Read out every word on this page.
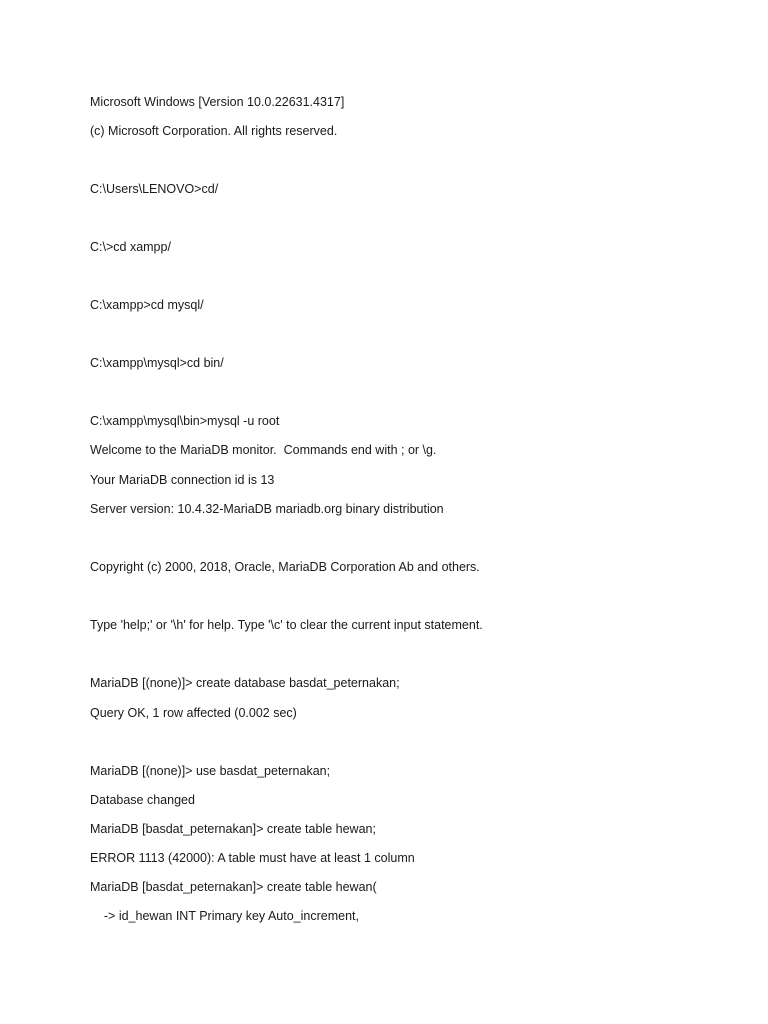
Microsoft Windows [Version 10.0.22631.4317]
(c) Microsoft Corporation. All rights reserved.
C:\Users\LENOVO>cd/
C:\>cd xampp/
C:\xampp>cd mysql/
C:\xampp\mysql>cd bin/
C:\xampp\mysql\bin>mysql -u root
Welcome to the MariaDB monitor.  Commands end with ; or \g.
Your MariaDB connection id is 13
Server version: 10.4.32-MariaDB mariadb.org binary distribution
Copyright (c) 2000, 2018, Oracle, MariaDB Corporation Ab and others.
Type 'help;' or '\h' for help. Type '\c' to clear the current input statement.
MariaDB [(none)]> create database basdat_peternakan;
Query OK, 1 row affected (0.002 sec)
MariaDB [(none)]> use basdat_peternakan;
Database changed
MariaDB [basdat_peternakan]> create table hewan;
ERROR 1113 (42000): A table must have at least 1 column
MariaDB [basdat_peternakan]> create table hewan(
-> id_hewan INT Primary key Auto_increment,
